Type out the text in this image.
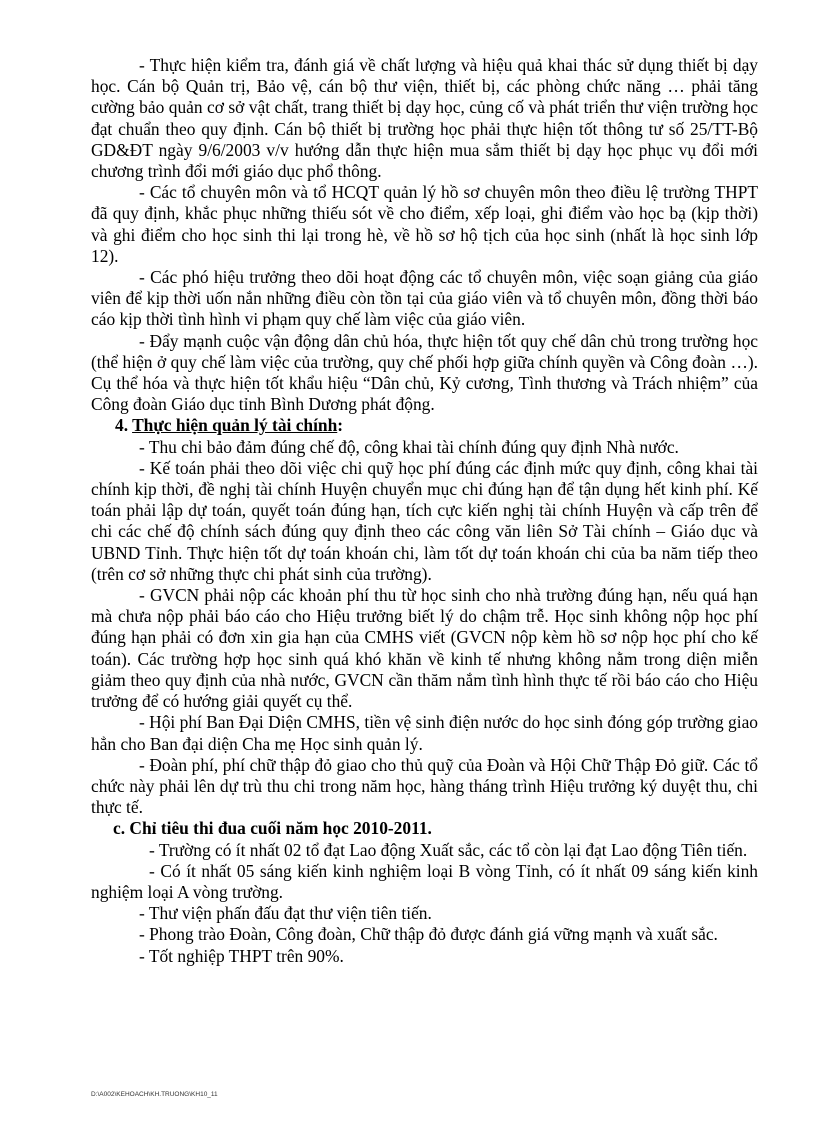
- Thực hiện kiểm tra, đánh giá về chất lượng và hiệu quả khai thác sử dụng thiết bị dạy học. Cán bộ Quản trị, Bảo vệ, cán bộ thư viện, thiết bị, các phòng chức năng … phải tăng cường bảo quản cơ sở vật chất, trang thiết bị dạy học, củng cố và phát triển thư viện trường học đạt chuẩn theo quy định. Cán bộ thiết bị trường học phải thực hiện tốt thông tư số 25/TT-Bộ GD&ĐT ngày 9/6/2003 v/v hướng dẫn thực hiện mua sắm thiết bị dạy học phục vụ đổi mới chương trình đổi mới giáo dục phổ thông.

- Các tổ chuyên môn và tổ HCQT quản lý hồ sơ chuyên môn theo điều lệ trường THPT đã quy định, khắc phục những thiếu sót về cho điểm, xếp loại, ghi điểm vào học bạ (kịp thời) và ghi điểm cho học sinh thi lại trong hè, về hồ sơ hộ tịch của học sinh (nhất là học sinh lớp 12).

- Các phó hiệu trưởng theo dõi hoạt động các tổ chuyên môn, việc soạn giảng của giáo viên để kịp thời uốn nắn những điều còn tồn tại của giáo viên và tổ chuyên môn, đồng thời báo cáo kịp thời tình hình vi phạm quy chế làm việc của giáo viên.

- Đẩy mạnh cuộc vận động dân chủ hóa, thực hiện tốt quy chế dân chủ trong trường học (thể hiện ở quy chế làm việc của trường, quy chế phối hợp giữa chính quyền và Công đoàn …). Cụ thể hóa và thực hiện tốt khẩu hiệu “Dân chủ, Kỷ cương, Tình thương và Trách nhiệm” của Công đoàn Giáo dục tỉnh Bình Dương phát động.

4. Thực hiện quản lý tài chính:

- Thu chi bảo đảm đúng chế độ, công khai tài chính đúng quy định Nhà nước.

- Kế toán phải theo dõi việc chi quỹ học phí đúng các định mức quy định, công khai tài chính kịp thời, đề nghị tài chính Huyện chuyển mục chi đúng hạn để tận dụng hết kinh phí. Kế toán phải lập dự toán, quyết toán đúng hạn, tích cực kiến nghị tài chính Huyện và cấp trên để chi các chế độ chính sách đúng quy định theo các công văn liên Sở Tài chính – Giáo dục và UBND Tỉnh. Thực hiện tốt dự toán khoán chi, làm tốt dự toán khoán chi của ba năm tiếp theo (trên cơ sở những thực chi phát sinh của trường).

- GVCN phải nộp các khoản phí thu từ học sinh cho nhà trường đúng hạn, nếu quá hạn mà chưa nộp phải báo cáo cho Hiệu trưởng biết lý do chậm trễ. Học sinh không nộp học phí đúng hạn phải có đơn xin gia hạn của CMHS viết (GVCN nộp kèm hồ sơ nộp học phí cho kế toán). Các trường hợp học sinh quá khó khăn về kinh tế nhưng không nằm trong diện miễn giảm theo quy định của nhà nước, GVCN cần thăm nắm tình hình thực tế rồi báo cáo cho Hiệu trưởng để có hướng giải quyết cụ thể.

- Hội phí Ban Đại Diện CMHS, tiền vệ sinh điện nước do học sinh đóng góp trường giao hẳn cho Ban đại diện Cha mẹ Học sinh quản lý.

- Đoàn phí, phí chữ thập đỏ giao cho thủ quỹ của Đoàn và Hội Chữ Thập Đỏ giữ. Các tổ chức này phải lên dự trù thu chi trong năm học, hàng tháng trình Hiệu trưởng ký duyệt thu, chi thực tế.

c. Chỉ tiêu thi đua cuối năm học 2010-2011.

- Trường có ít nhất 02 tổ đạt Lao động Xuất sắc, các tổ còn lại đạt Lao động Tiên tiến.

- Có ít nhất 05 sáng kiến kinh nghiệm loại B vòng Tỉnh, có ít nhất 09 sáng kiến kinh nghiệm loại A vòng trường.

- Thư viện phấn đấu đạt thư viện tiên tiến.

- Phong trào Đoàn, Công đoàn, Chữ thập đỏ được đánh giá vững mạnh và xuất sắc.

- Tốt nghiệp THPT trên 90%.

D:\A002\KEHOACH\KH.TRUONG\KH10_11
